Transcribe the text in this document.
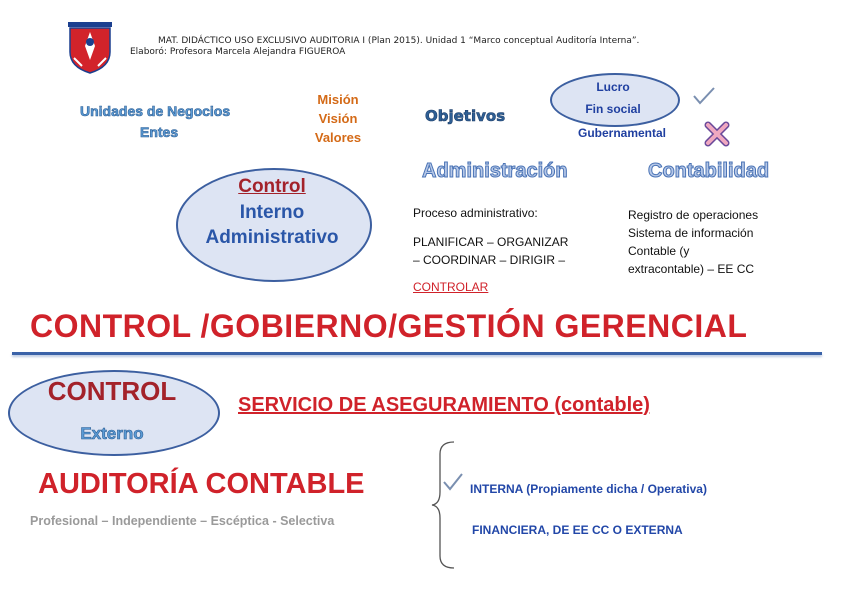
MAT. DIDÁCTICO USO EXCLUSIVO AUDITORIA I (Plan 2015). Unidad 1 “Marco conceptual Auditoría Interna”.
Elaboró: Profesora Marcela Alejandra FIGUEROA
Unidades de Negocios
Entes
Misión
Visión
Valores
Objetivos
Lucro
Fin social
Gubernamental
Control
Interno
Administrativo
Administración
Proceso administrativo:
PLANIFICAR – ORGANIZAR
– COORDINAR – DIRIGIR –
CONTROLAR
Contabilidad
Registro de operaciones
Sistema de información
Contable (y
extracontable) – EE CC
CONTROL /GOBIERNO/GESTIÓN GERENCIAL
CONTROL
Externo
SERVICIO DE ASEGURAMIENTO (contable)
AUDITORÍA CONTABLE
Profesional – Independiente – Escéptica - Selectiva
INTERNA (Propiamente dicha / Operativa)
FINANCIERA, DE EE CC O EXTERNA
